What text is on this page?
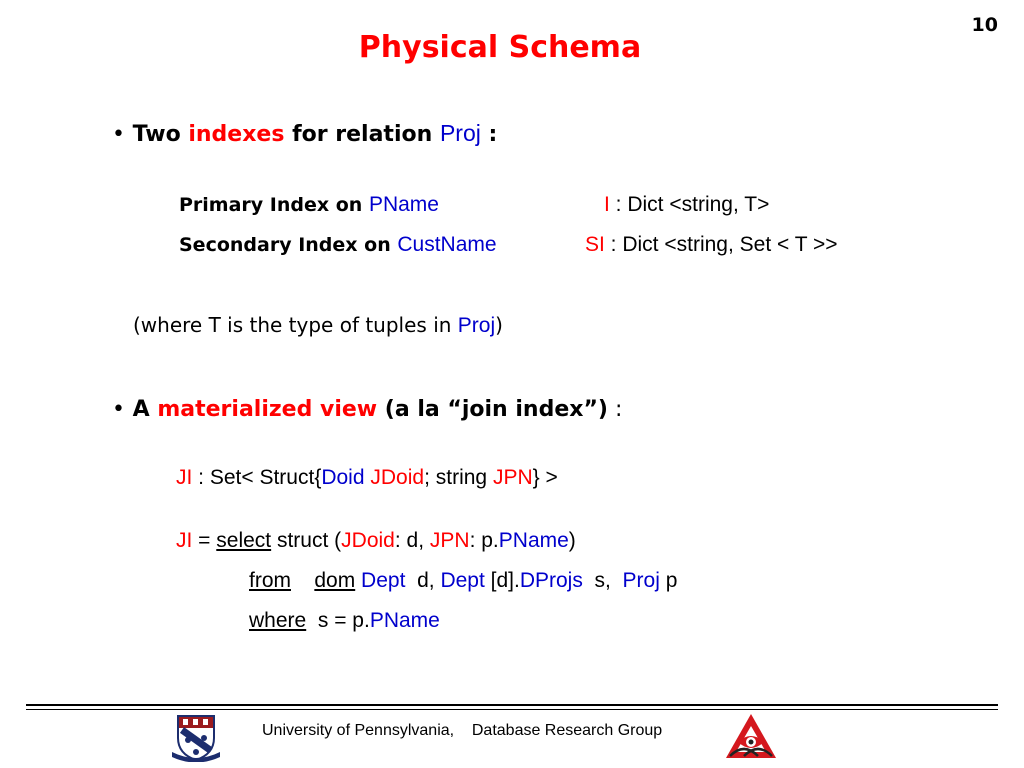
10
Physical Schema
• Two indexes for relation Proj :
Primary Index on PName	I : Dict <string, T>
Secondary Index on CustName	SI : Dict <string, Set < T >>
(where T is the type of tuples in Proj)
• A materialized view (a la “join index”) :
JI : Set< Struct{Doid JDoid; string JPN} >
JI = select struct (JDoid: d, JPN: p.PName)
from dom Dept  d, Dept [d].DProjs  s,  Proj p
where  s = p.PName
University of Pennsylvania,    Database Research Group
